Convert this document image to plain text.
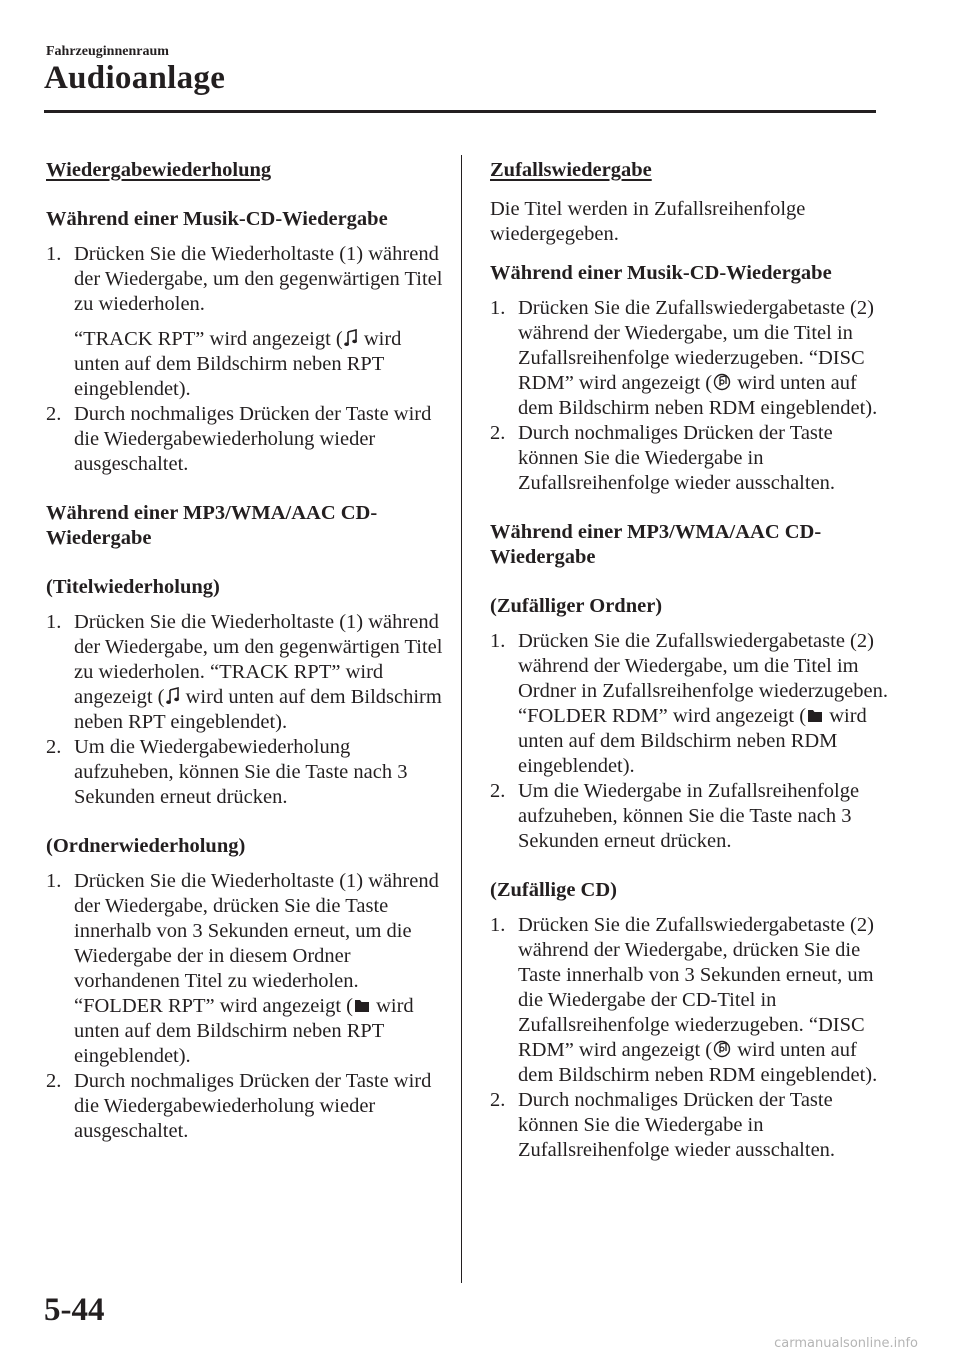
Fahrzeuginnenraum
Audioanlage

Wiedergabewiederholung

Während einer Musik-CD-Wiedergabe

1. Drücken Sie die Wiederholtaste (1) während der Wiedergabe, um den gegenwärtigen Titel zu wiederholen.

“TRACK RPT” wird angezeigt ( wird unten auf dem Bildschirm neben RPT eingeblendet).

2. Durch nochmaliges Drücken der Taste wird die Wiedergabewiederholung wieder ausgeschaltet.

Während einer MP3/WMA/AAC CD-Wiedergabe

(Titelwiederholung)

1. Drücken Sie die Wiederholtaste (1) während der Wiedergabe, um den gegenwärtigen Titel zu wiederholen. “TRACK RPT” wird angezeigt ( wird unten auf dem Bildschirm neben RPT eingeblendet).
2. Um die Wiedergabewiederholung aufzuheben, können Sie die Taste nach 3 Sekunden erneut drücken.

(Ordnerwiederholung)

1. Drücken Sie die Wiederholtaste (1) während der Wiedergabe, drücken Sie die Taste innerhalb von 3 Sekunden erneut, um die Wiedergabe der in diesem Ordner vorhandenen Titel zu wiederholen. “FOLDER RPT” wird angezeigt ( wird unten auf dem Bildschirm neben RPT eingeblendet).
2. Durch nochmaliges Drücken der Taste wird die Wiedergabewiederholung wieder ausgeschaltet.

Zufallswiedergabe

Die Titel werden in Zufallsreihenfolge wiedergegeben.

Während einer Musik-CD-Wiedergabe

1. Drücken Sie die Zufallswiedergabetaste (2) während der Wiedergabe, um die Titel in Zufallsreihenfolge wiederzugeben. “DISC RDM” wird angezeigt ( wird unten auf dem Bildschirm neben RDM eingeblendet).
2. Durch nochmaliges Drücken der Taste können Sie die Wiedergabe in Zufallsreihenfolge wieder ausschalten.

Während einer MP3/WMA/AAC CD-Wiedergabe

(Zufälliger Ordner)

1. Drücken Sie die Zufallswiedergabetaste (2) während der Wiedergabe, um die Titel im Ordner in Zufallsreihenfolge wiederzugeben. “FOLDER RDM” wird angezeigt ( wird unten auf dem Bildschirm neben RDM eingeblendet).
2. Um die Wiedergabe in Zufallsreihenfolge aufzuheben, können Sie die Taste nach 3 Sekunden erneut drücken.

(Zufällige CD)

1. Drücken Sie die Zufallswiedergabetaste (2) während der Wiedergabe, drücken Sie die Taste innerhalb von 3 Sekunden erneut, um die Wiedergabe der CD-Titel in Zufallsreihenfolge wiederzugeben. “DISC RDM” wird angezeigt ( wird unten auf dem Bildschirm neben RDM eingeblendet).
2. Durch nochmaliges Drücken der Taste können Sie die Wiedergabe in Zufallsreihenfolge wieder ausschalten.
5-44
carmanualsonline.info
